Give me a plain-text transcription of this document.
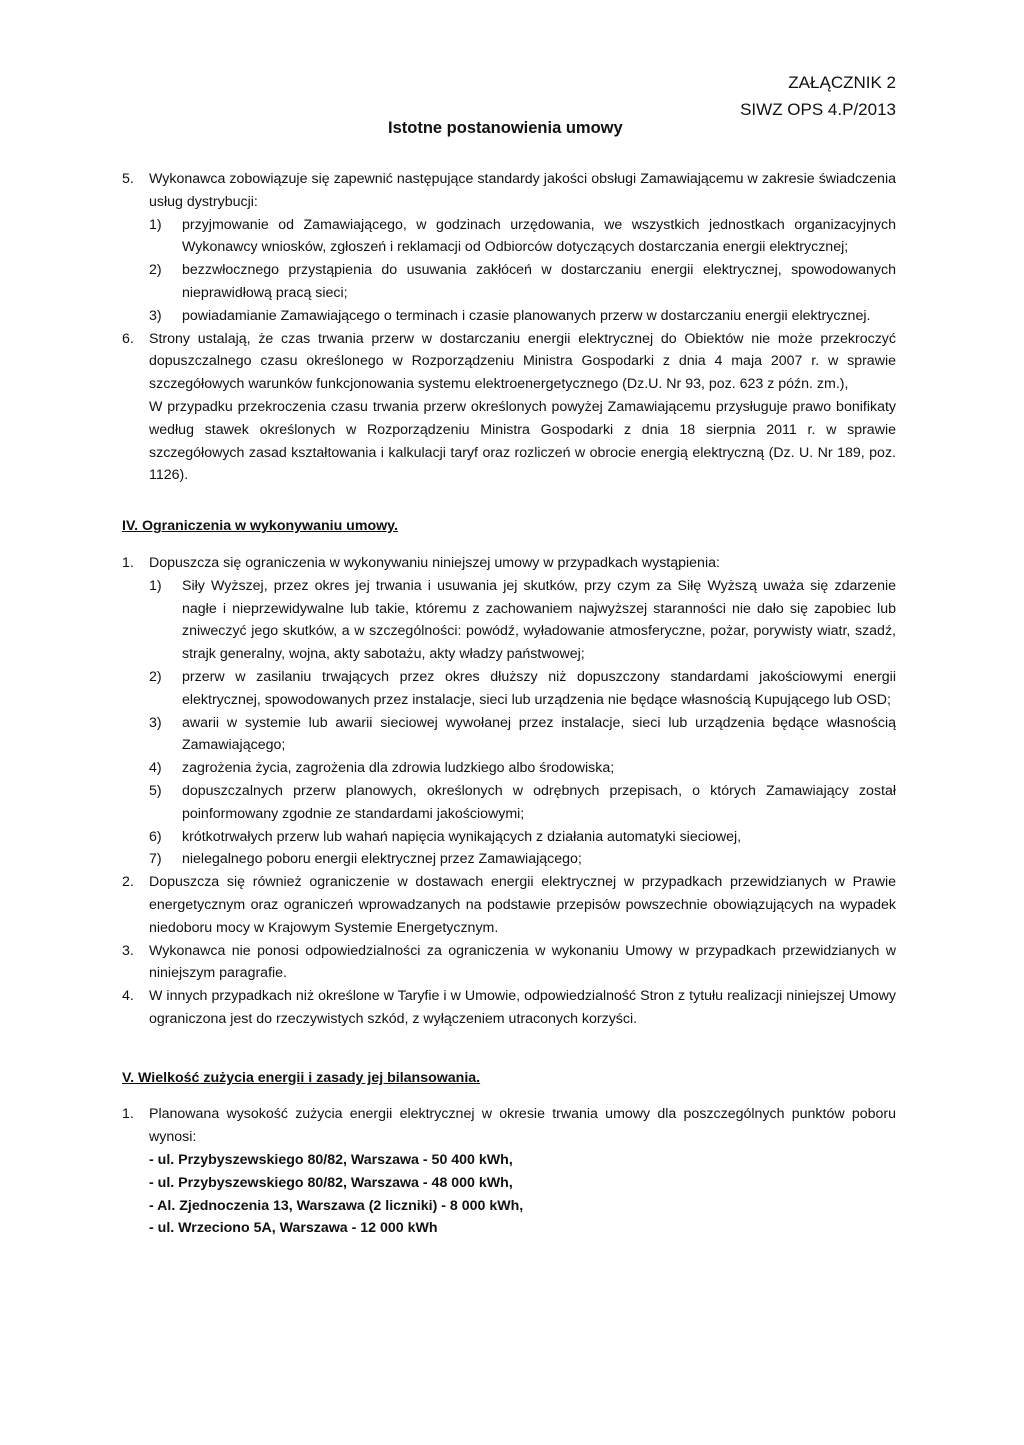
Istotne postanowienia umowy
ZAŁĄCZNIK 2
SIWZ OPS 4.P/2013
5.	Wykonawca zobowiązuje się zapewnić następujące standardy jakości obsługi Zamawiającemu w zakresie świadczenia usług dystrybucji:
1)	przyjmowanie od Zamawiającego, w godzinach urzędowania, we wszystkich jednostkach organizacyjnych Wykonawcy wniosków, zgłoszeń i reklamacji od Odbiorców dotyczących dostarczania energii elektrycznej;
2)	bezzwłocznego przystąpienia do usuwania zakłóceń w dostarczaniu energii elektrycznej, spowodowanych nieprawidłową pracą sieci;
3)	powiadamianie Zamawiającego o terminach i czasie planowanych przerw w dostarczaniu energii elektrycznej.
6.	Strony ustalają, że czas trwania przerw w dostarczaniu energii elektrycznej do Obiektów nie może przekroczyć dopuszczalnego czasu określonego w Rozporządzeniu Ministra Gospodarki z dnia 4 maja 2007 r. w sprawie szczegółowych warunków funkcjonowania systemu elektroenergetycznego (Dz.U. Nr 93, poz. 623 z późn. zm.),
W przypadku przekroczenia czasu trwania przerw określonych powyżej Zamawiającemu przysługuje prawo bonifikaty według stawek określonych w Rozporządzeniu Ministra Gospodarki z dnia 18 sierpnia 2011 r. w sprawie szczegółowych zasad kształtowania i kalkulacji taryf oraz rozliczeń w obrocie energią elektryczną (Dz. U. Nr 189, poz. 1126).
IV. Ograniczenia w wykonywaniu umowy.
1.	Dopuszcza się ograniczenia w wykonywaniu niniejszej umowy w przypadkach wystąpienia:
1)	Siły Wyższej, przez okres jej trwania i usuwania jej skutków, przy czym za Siłę Wyższą uważa się zdarzenie nagłe i nieprzewidywalne lub takie, któremu z zachowaniem najwyższej staranności nie dało się zapobiec lub zniweczyć jego skutków, a w szczególności: powódź, wyładowanie atmosferyczne, pożar, porywisty wiatr, szadź, strajk generalny, wojna, akty sabotażu, akty władzy państwowej;
2)	przerw w zasilaniu trwających przez okres dłuższy niż dopuszczony standardami jakościowymi energii elektrycznej, spowodowanych przez instalacje, sieci lub urządzenia nie będące własnością Kupującego lub OSD;
3)	awarii w systemie lub awarii sieciowej wywołanej przez instalacje, sieci lub urządzenia będące własnością Zamawiającego;
4)	zagrożenia życia, zagrożenia dla zdrowia ludzkiego albo środowiska;
5)	dopuszczalnych przerw planowych, określonych w odrębnych przepisach, o których Zamawiający został poinformowany zgodnie ze standardami jakościowymi;
6)	krótkotrwałych przerw lub wahań napięcia wynikających z działania automatyki sieciowej,
7)	nielegalnego poboru energii elektrycznej przez Zamawiającego;
2.	Dopuszcza się również ograniczenie w dostawach energii elektrycznej w przypadkach przewidzianych w Prawie energetycznym oraz ograniczeń wprowadzanych na podstawie przepisów powszechnie obowiązujących na wypadek niedoboru mocy w Krajowym Systemie Energetycznym.
3.	Wykonawca nie ponosi odpowiedzialności za ograniczenia w wykonaniu Umowy w przypadkach przewidzianych w niniejszym paragrafie.
4.	W innych przypadkach niż określone w Taryfie i w Umowie, odpowiedzialność Stron z tytułu realizacji niniejszej Umowy ograniczona jest do rzeczywistych szkód, z wyłączeniem utraconych korzyści.
V. Wielkość zużycia energii i zasady jej bilansowania.
1.	Planowana wysokość zużycia energii elektrycznej w okresie trwania umowy dla poszczególnych punktów poboru wynosi:
- ul. Przybyszewskiego 80/82, Warszawa - 50 400 kWh,
- ul. Przybyszewskiego 80/82, Warszawa - 48 000 kWh,
- Al. Zjednoczenia 13, Warszawa (2 liczniki) - 8 000 kWh,
- ul. Wrzeciono 5A, Warszawa - 12 000 kWh
